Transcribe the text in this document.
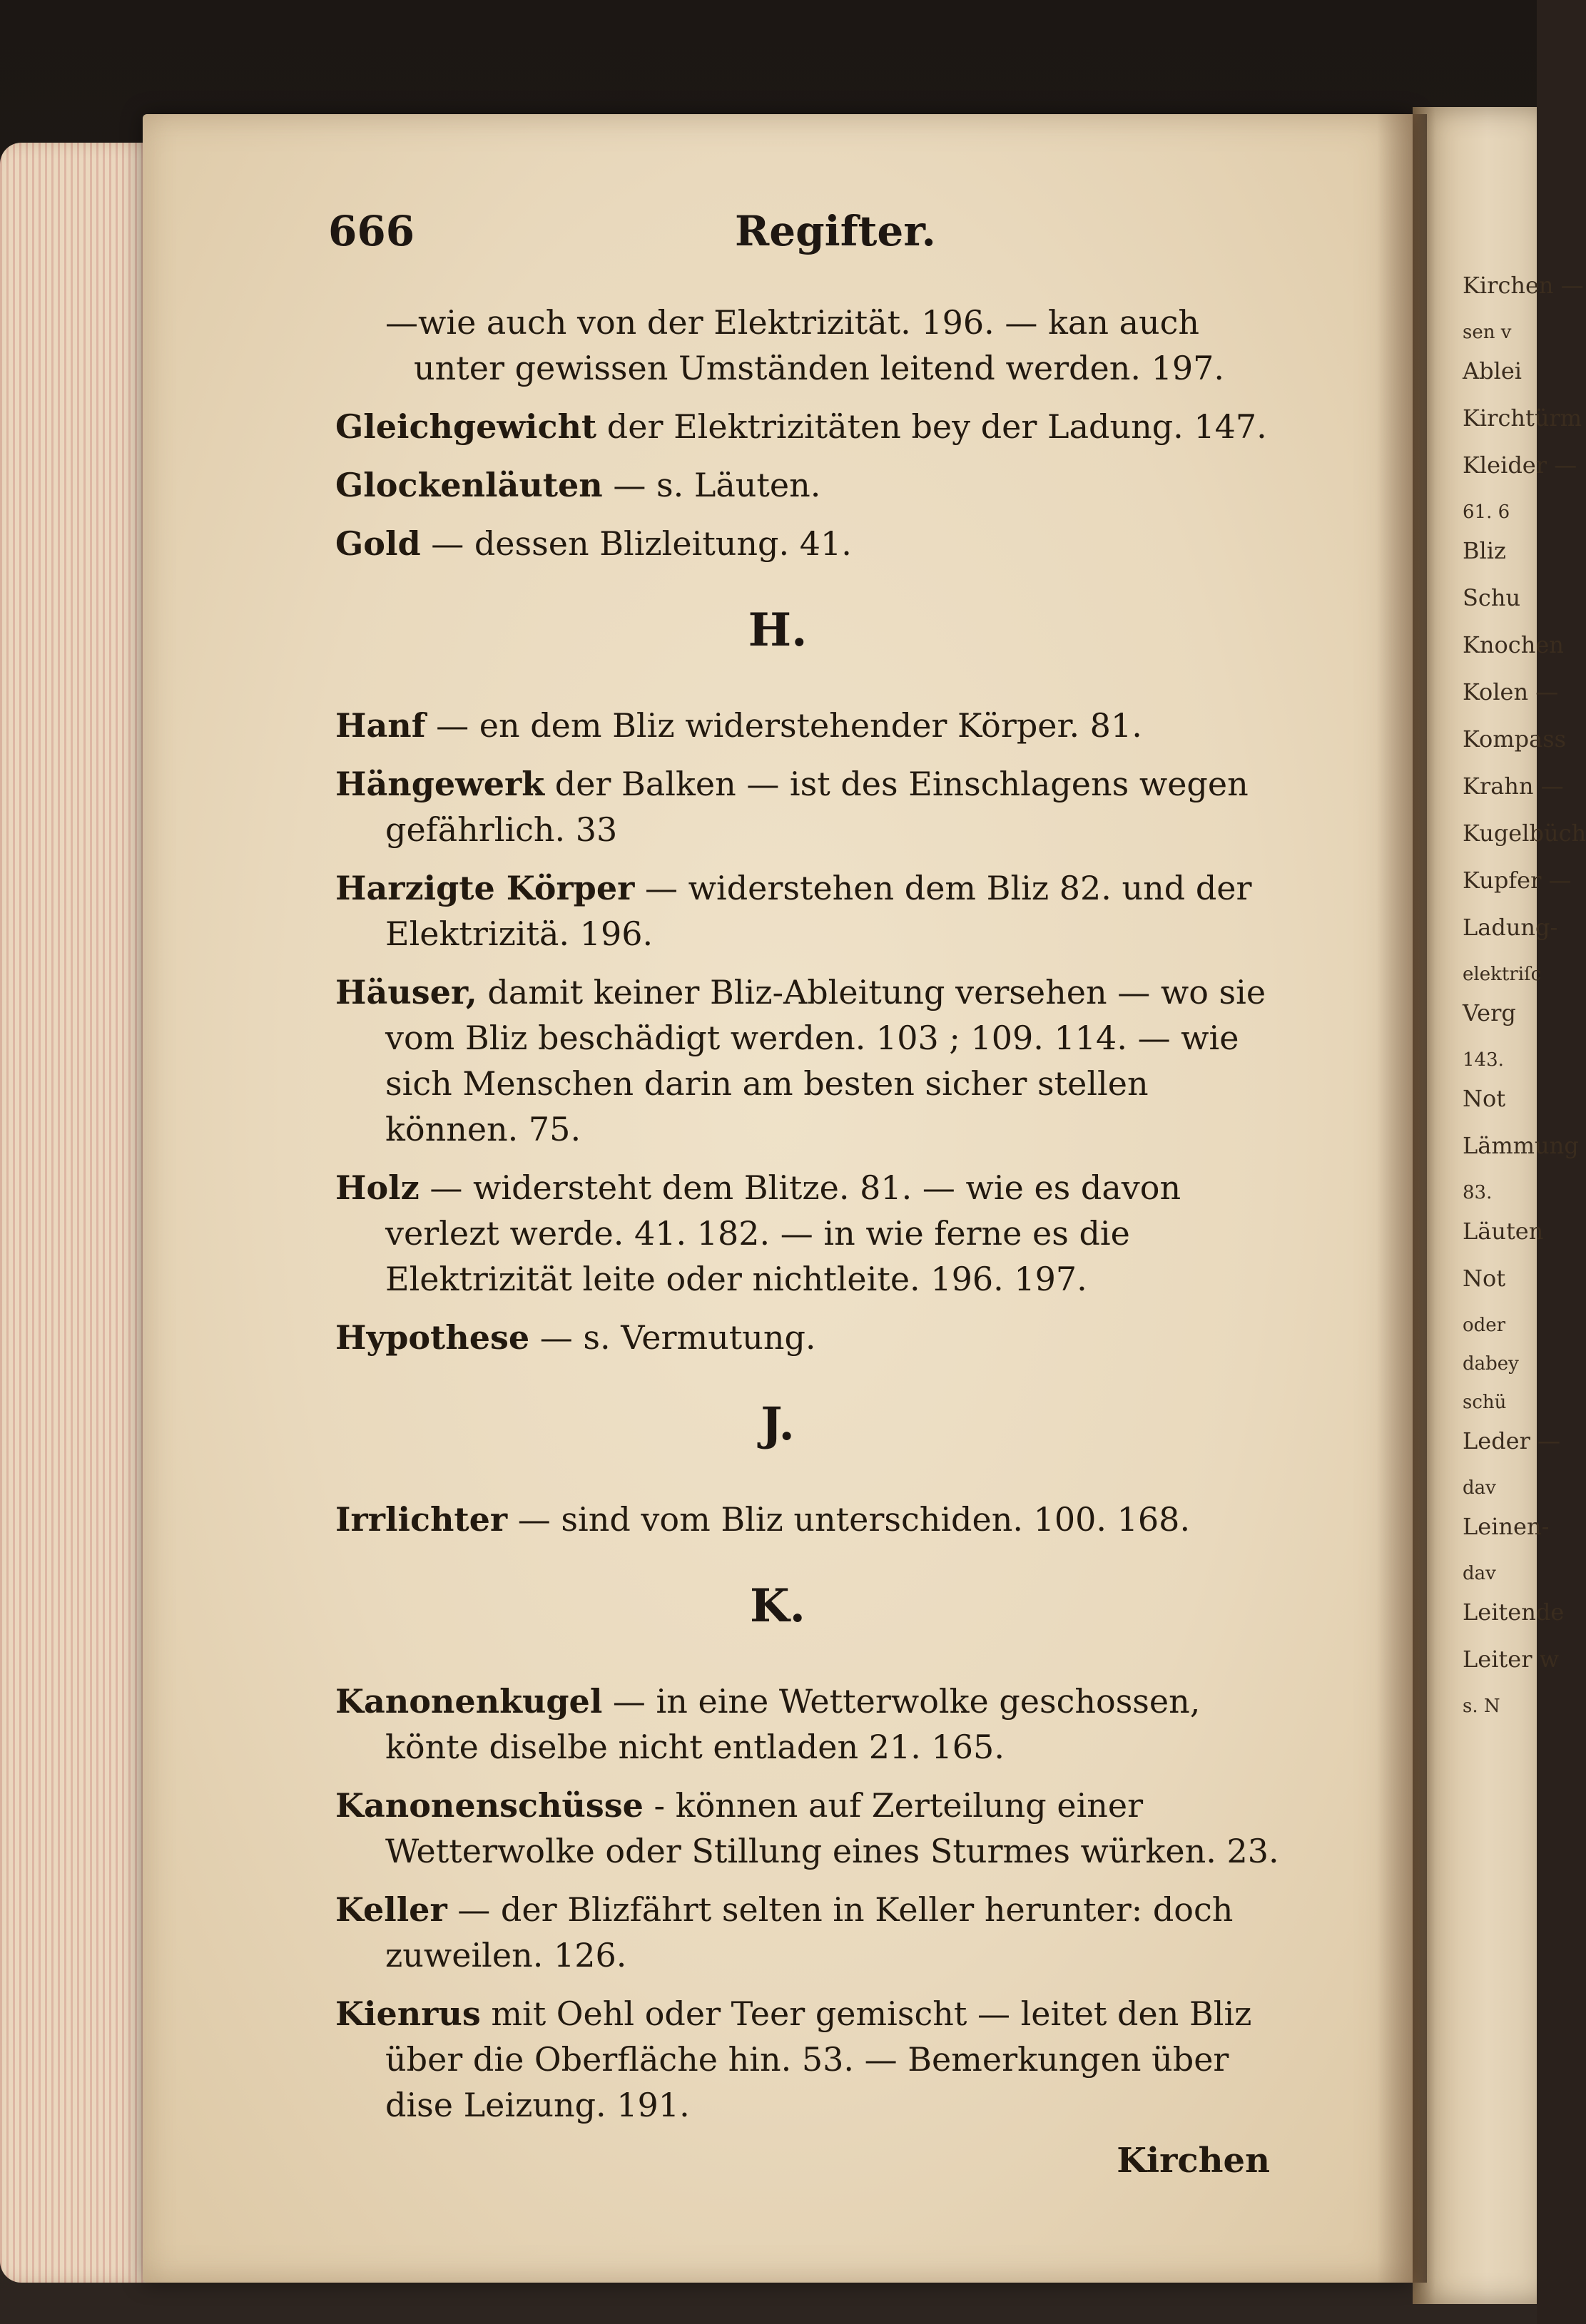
666	Regifter.
—wie auch von der Elektrizität. 196. — kan auch unter gewissen Umständen leitend werden. 197.
Gleichgewicht der Elektrizitäten bey der Ladung. 147.
Glockenläuten — s. Läuten.
Gold — dessen Blizleitung. 41.
H.
Hanf — en dem Bliz widerstehender Körper. 81.
Hängewerk der Balken — ist des Einschlagens wegen gefährlich. 33
Harzigte Körper — widerstehen dem Bliz 82. und der Elektrizitä. 196.
Häuser, damit keiner Bliz-Ableitung versehen — wo sie vom Bliz beschädigt werden. 103 ; 109. 114. — wie sich Menschen darin am besten sicher stellen können. 75.
Holz — widersteht dem Blitze. 81. — wie es davon verlezt werde. 41. 182. — in wie ferne es die Elektrizität leite oder nichtleite. 196. 197.
Hypothese — s. Vermutung.
J.
Irrlichter — sind vom Bliz unterschiden. 100. 168.
K.
Kanonenkugel — in eine Wetterwolke geschossen, könte diselbe nicht entladen 21. 165.
Kanonenschüsse - können auf Zerteilung einer Wetterwolke oder Stillung eines Sturmes würken. 23.
Keller — der Blizfährt selten in Keller herunter: doch zuweilen. 126.
Kienrus mit Oehl oder Teer gemischt — leitet den Bliz über die Oberfläche hin. 53. — Bemerkungen über dise Leizung. 191.
Kirchen
Kirchen —
sen v
Ablei
Kirchtürm
Kleider —
61. 6
Bliz
Schu
Knochen
Kolen —
Kompass
Krahn —
Kugelbüch
Kupfer —
Ladung-
elektriſc
Verg
143.
Not
Lämmung
83.
Läuten
Not
oder
dabey
schü
Leder —
dav
Leinen-
dav
Leitende
Leiter w
s. N
